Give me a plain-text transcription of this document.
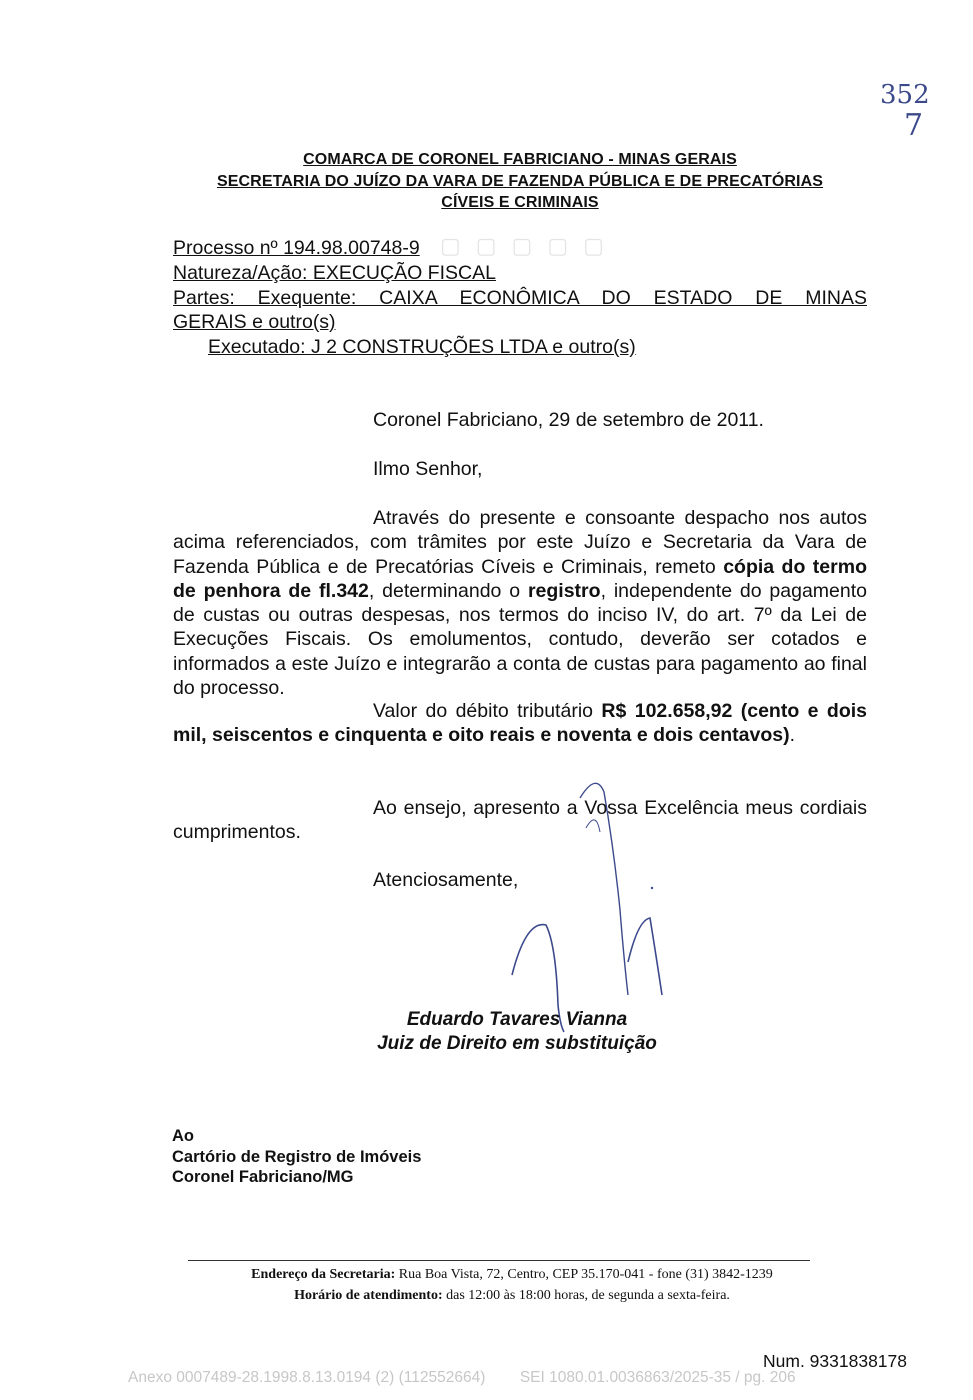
352
7
COMARCA DE CORONEL FABRICIANO - MINAS GERAIS
SECRETARIA DO JUÍZO DA VARA DE FAZENDA PÚBLICA E DE PRECATÓRIAS
CÍVEIS E CRIMINAIS
▢ ▢ ▢ ▢ ▢
Processo nº 194.98.00748-9
Natureza/Ação: EXECUÇÃO FISCAL
Partes: Exequente: CAIXA ECONÔMICA DO ESTADO DE MINAS
GERAIS e outro(s)
Executado: J 2 CONSTRUÇÕES LTDA e outro(s)
Coronel Fabriciano, 29 de setembro de 2011.
Ilmo Senhor,
Através do presente e consoante despacho nos autos acima referenciados, com trâmites por este Juízo e Secretaria da Vara de Fazenda Pública e de Precatórias Cíveis e Criminais, remeto cópia do termo de penhora de fl.342, determinando o registro, independente do pagamento de custas ou outras despesas, nos termos do inciso IV, do art. 7º da Lei de Execuções Fiscais. Os emolumentos, contudo, deverão ser cotados e informados a este Juízo e integrarão a conta de custas para pagamento ao final do processo.
Valor do débito tributário R$ 102.658,92 (cento e dois mil, seiscentos e cinquenta e oito reais e noventa e dois centavos).
Ao ensejo, apresento a Vossa Excelência meus cordiais cumprimentos.
Atenciosamente,
Eduardo Tavares Vianna
Juiz de Direito em substituição
Ao
Cartório de Registro de Imóveis
Coronel Fabriciano/MG
Endereço da Secretaria: Rua Boa Vista, 72, Centro, CEP 35.170-041 - fone (31) 3842-1239
Horário de atendimento: das 12:00 às 18:00 horas, de segunda a sexta-feira.
Num. 9331838178
Anexo 0007489-28.1998.8.13.0194 (2) (112552664)        SEI 1080.01.0036863/2025-35 / pg. 206
